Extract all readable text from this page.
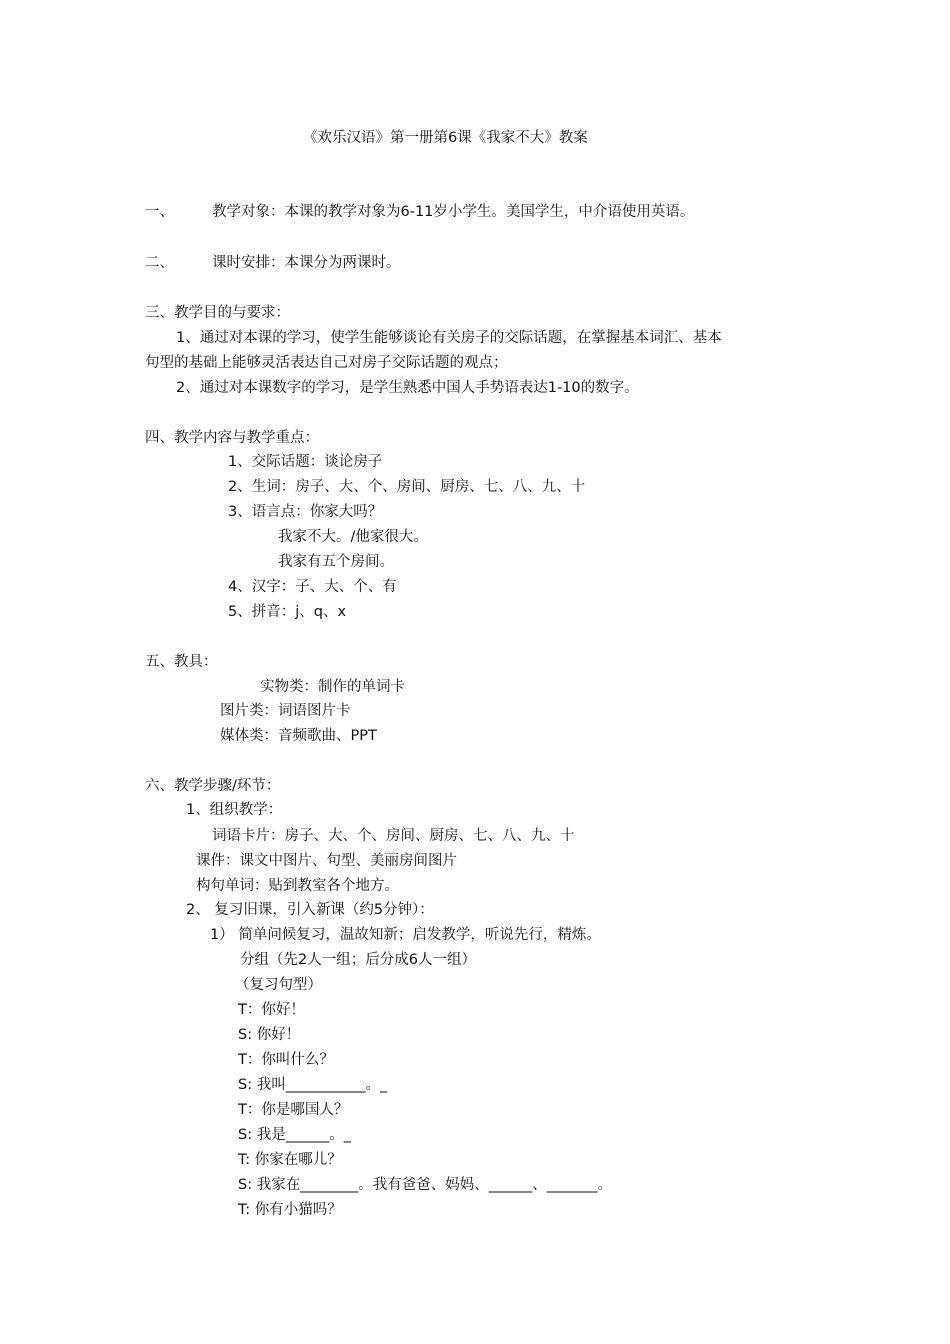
《欢乐汉语》第一册第6课《我家不大》教案
一、	教学对象：本课的教学对象为6-11岁小学生。美国学生，中介语使用英语。
二、	课时安排：本课分为两课时。
三、教学目的与要求：
1、通过对本课的学习，使学生能够谈论有关房子的交际话题，在掌握基本词汇、基本
句型的基础上能够灵活表达自己对房子交际话题的观点；
2、通过对本课数字的学习，是学生熟悉中国人手势语表达1-10的数字。
四、教学内容与教学重点：
1、交际话题：谈论房子
2、生词：房子、大、个、房间、厨房、七、八、九、十
3、语言点：你家大吗？
我家不大。/他家很大。
我家有五个房间。
4、汉字：子、大、个、有
5、拼音：j、q、x
五、教具：
实物类：制作的单词卡
图片类：词语图片卡
媒体类：音频歌曲、PPT
六、教学步骤/环节：
1、组织教学：
词语卡片：房子、大、个、房间、厨房、七、八、九、十
课件：课文中图片、句型、美丽房间图片
构句单词：贴到教室各个地方。
2、 复习旧课，引入新课（约5分钟）：
1） 简单问候复习，温故知新；启发教学，听说先行，精炼。
分组（先2人一组；后分成6人一组）
（复习句型）
T：你好！
S: 你好！
T：你叫什么？
S: 我叫___________。_
T：你是哪国人？
S: 我是______。_
T: 你家在哪儿？
S: 我家在________。我有爸爸、妈妈、______、_______。
T: 你有小猫吗？
